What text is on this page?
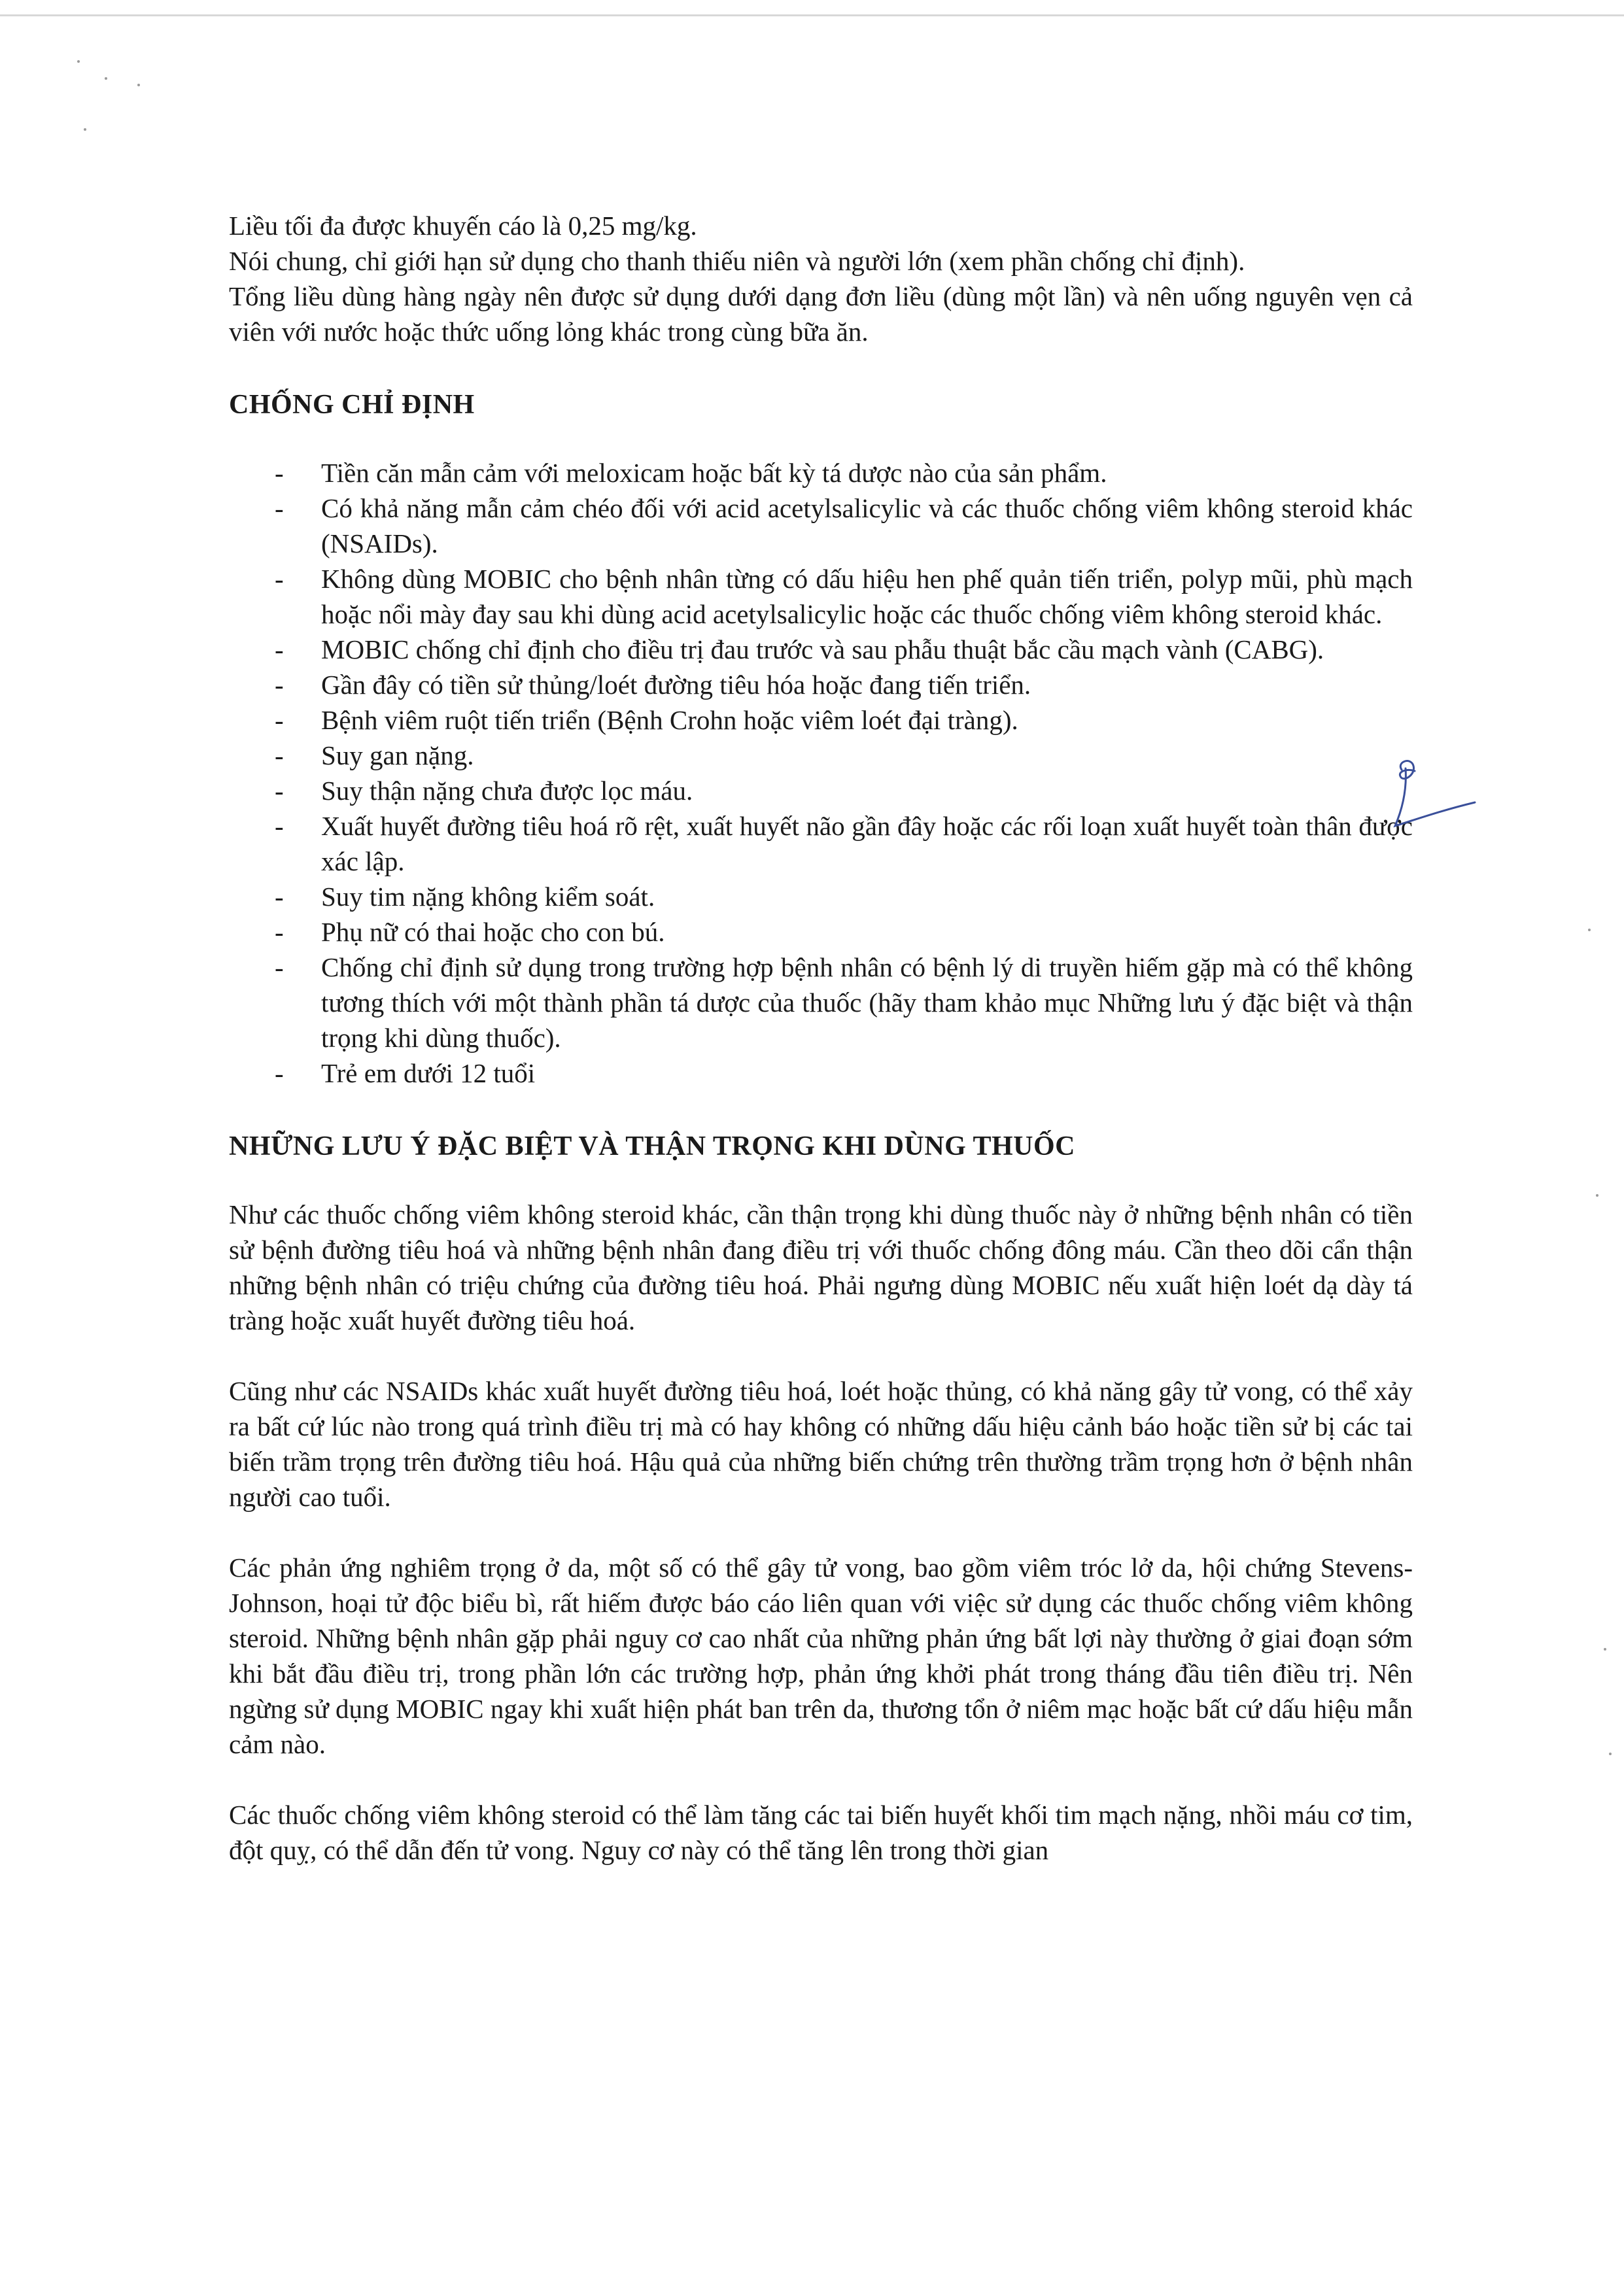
Liều tối đa được khuyến cáo là 0,25 mg/kg.

Nói chung, chỉ giới hạn sử dụng cho thanh thiếu niên và người lớn (xem phần chống chỉ định).

Tổng liều dùng hàng ngày nên được sử dụng dưới dạng đơn liều (dùng một lần) và nên uống nguyên vẹn cả viên với nước hoặc thức uống lỏng khác trong cùng bữa ăn.

CHỐNG CHỈ ĐỊNH
- Tiền căn mẫn cảm với meloxicam hoặc bất kỳ tá dược nào của sản phẩm.
- Có khả năng mẫn cảm chéo đối với acid acetylsalicylic và các thuốc chống viêm không steroid khác (NSAIDs).
- Không dùng MOBIC cho bệnh nhân từng có dấu hiệu hen phế quản tiến triển, polyp mũi, phù mạch hoặc nổi mày đay sau khi dùng acid acetylsalicylic hoặc các thuốc chống viêm không steroid khác.
- MOBIC chống chỉ định cho điều trị đau trước và sau phẫu thuật bắc cầu mạch vành (CABG).
- Gần đây có tiền sử thủng/loét đường tiêu hóa hoặc đang tiến triển.
- Bệnh viêm ruột tiến triển (Bệnh Crohn hoặc viêm loét đại tràng).
- Suy gan nặng.
- Suy thận nặng chưa được lọc máu.
- Xuất huyết đường tiêu hoá rõ rệt, xuất huyết não gần đây hoặc các rối loạn xuất huyết toàn thân được xác lập.
- Suy tim nặng không kiểm soát.
- Phụ nữ có thai hoặc cho con bú.
- Chống chỉ định sử dụng trong trường hợp bệnh nhân có bệnh lý di truyền hiếm gặp mà có thể không tương thích với một thành phần tá dược của thuốc (hãy tham khảo mục Những lưu ý đặc biệt và thận trọng khi dùng thuốc).
- Trẻ em dưới 12 tuổi
NHỮNG LƯU Ý ĐẶC BIỆT VÀ THẬN TRỌNG KHI DÙNG THUỐC

Như các thuốc chống viêm không steroid khác, cần thận trọng khi dùng thuốc này ở những bệnh nhân có tiền sử bệnh đường tiêu hoá và những bệnh nhân đang điều trị với thuốc chống đông máu. Cần theo dõi cẩn thận những bệnh nhân có triệu chứng của đường tiêu hoá. Phải ngưng dùng MOBIC nếu xuất hiện loét dạ dày tá tràng hoặc xuất huyết đường tiêu hoá.

Cũng như các NSAIDs khác xuất huyết đường tiêu hoá, loét hoặc thủng, có khả năng gây tử vong, có thể xảy ra bất cứ lúc nào trong quá trình điều trị mà có hay không có những dấu hiệu cảnh báo hoặc tiền sử bị các tai biến trầm trọng trên đường tiêu hoá. Hậu quả của những biến chứng trên thường trầm trọng hơn ở bệnh nhân người cao tuổi.

Các phản ứng nghiêm trọng ở da, một số có thể gây tử vong, bao gồm viêm tróc lở da, hội chứng Stevens-Johnson, hoại tử độc biểu bì, rất hiếm được báo cáo liên quan với việc sử dụng các thuốc chống viêm không steroid. Những bệnh nhân gặp phải nguy cơ cao nhất của những phản ứng bất lợi này thường ở giai đoạn sớm khi bắt đầu điều trị, trong phần lớn các trường hợp, phản ứng khởi phát trong tháng đầu tiên điều trị. Nên ngừng sử dụng MOBIC ngay khi xuất hiện phát ban trên da, thương tổn ở niêm mạc hoặc bất cứ dấu hiệu mẫn cảm nào.

Các thuốc chống viêm không steroid có thể làm tăng các tai biến huyết khối tim mạch nặng, nhồi máu cơ tim, đột quỵ, có thể dẫn đến tử vong. Nguy cơ này có thể tăng lên trong thời gian
